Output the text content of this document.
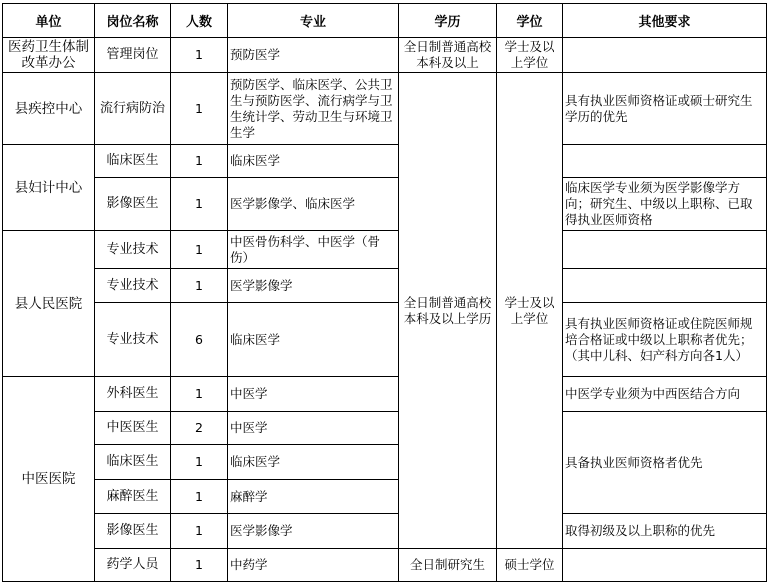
单位	岗位名称	人数	专业	学历	学位	其他要求
医药卫生体制改革办公	管理岗位	1	预防医学	全日制普通高校本科及以上	学士及以上学位	
县疾控中心	流行病防治	1	预防医学、临床医学、公共卫生与预防医学、流行病学与卫生统计学、劳动卫生与环境卫生学	全日制普通高校本科及以上学历	学士及以上学位	具有执业医师资格证或硕士研究生学历的优先
县妇计中心	临床医生	1	临床医学			
	影像医生	1	医学影像学、临床医学			临床医学专业须为医学影像学方向；研究生、中级以上职称、已取得执业医师资格
县人民医院	专业技术	1	中医骨伤科学、中医学（骨伤）			
	专业技术	1	医学影像学			
	专业技术	6	临床医学			具有执业医师资格证或住院医师规培合格证或中级以上职称者优先；（其中儿科、妇产科方向各1人）
中医医院	外科医生	1	中医学			中医学专业须为中西医结合方向
	中医医生	2	中医学			具备执业医师资格者优先
	临床医生	1	临床医学			
	麻醉医生	1	麻醉学			
	影像医生	1	医学影像学			取得初级及以上职称的优先
	药学人员	1	中药学	全日制研究生	硕士学位	
